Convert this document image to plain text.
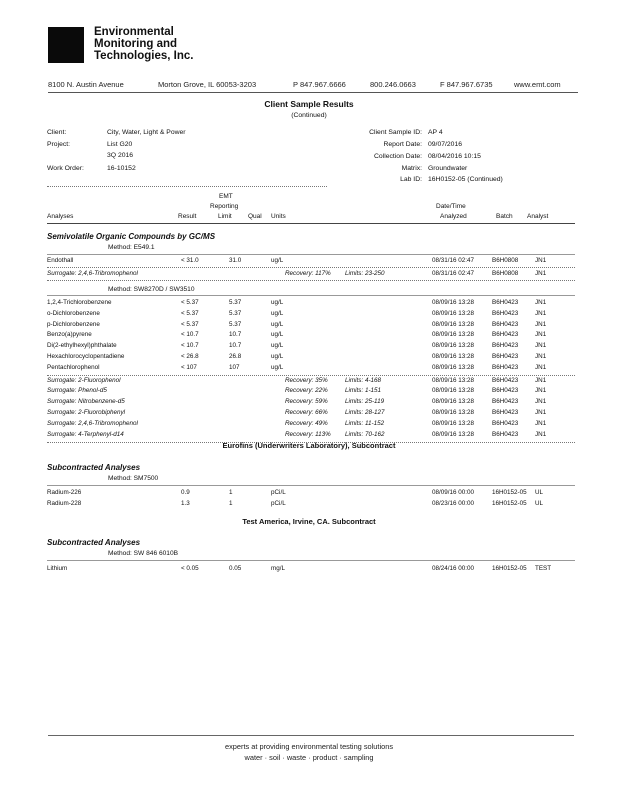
Environmental
Monitoring and
Technologies, Inc.
8100 N. Austin Avenue	Morton Grove, IL 60053-3203	P 847.967.6666	800.246.0663	F 847.967.6735	www.emt.com
Client Sample Results
(Continued)
Client:	City, Water, Light & Power
Project:	List G20
3Q 2016
Work Order:	16-10152
Client Sample ID: AP 4
Report Date: 09/07/2016
Collection Date: 08/04/2016 10:15
Matrix: Groundwater
Lab ID: 16H0152-05 (Continued)
EMT
Reporting	Date/Time
Analyses	Result	Limit	Qual Units	Analyzed	Batch Analyst
Semivolatile Organic Compounds by GC/MS
Method: E549.1
Endothall	< 31.0	31.0	ug/L	08/31/16 02:47	B6H0808	JN1
Surrogate: 2,4,6-Tribromophenol	Recovery: 117% Limits: 23-250	08/31/16 02:47	B6H0808	JN1
Method: SW8270D / SW3510
1,2,4-Trichlorobenzene	< 5.37	5.37	ug/L	08/09/16 13:28	B6H0423	JN1
o-Dichlorobenzene	< 5.37	5.37	ug/L	08/09/16 13:28	B6H0423	JN1
p-Dichlorobenzene	< 5.37	5.37	ug/L	08/09/16 13:28	B6H0423	JN1
Benzo(a)pyrene	< 10.7	10.7	ug/L	08/09/16 13:28	B6H0423	JN1
Di(2-ethylhexyl)phthalate	< 10.7	10.7	ug/L	08/09/16 13:28	B6H0423	JN1
Hexachlorocyclopentadiene	< 26.8	26.8	ug/L	08/09/16 13:28	B6H0423	JN1
Pentachlorophenol	< 107	107	ug/L	08/09/16 13:28	B6H0423	JN1
Surrogate: 2-Fluorophenol	Recovery: 35%	Limits: 4-168	08/09/16 13:28	B6H0423	JN1
Surrogate: Phenol-d5	Recovery: 22%	Limits: 1-151	08/09/16 13:28	B6H0423	JN1
Surrogate: Nitrobenzene-d5	Recovery: 59%	Limits: 25-119	08/09/16 13:28	B6H0423	JN1
Surrogate: 2-Fluorobiphenyl	Recovery: 66%	Limits: 28-127	08/09/16 13:28	B6H0423	JN1
Surrogate: 2,4,6-Tribromophenol	Recovery: 49%	Limits: 11-152	08/09/16 13:28	B6H0423	JN1
Surrogate: 4-Terphenyl-d14	Recovery: 113% Limits: 70-162	08/09/16 13:28	B6H0423	JN1
Eurofins (Underwriters Laboratory), Subcontract
Subcontracted Analyses
Method: SM7500
Radium-226	0.9	1	pCi/L	08/09/16 00:00	16H0152-05 UL
Radium-228	1.3	1	pCi/L	08/23/16 00:00	16H0152-05 UL
Test America, Irvine, CA. Subcontract
Subcontracted Analyses
Method: SW 846 6010B
Lithium	< 0.05	0.05	mg/L	08/24/16 00:00	16H0152-05 TEST
experts at providing environmental testing solutions
water · soil · waste · product · sampling
